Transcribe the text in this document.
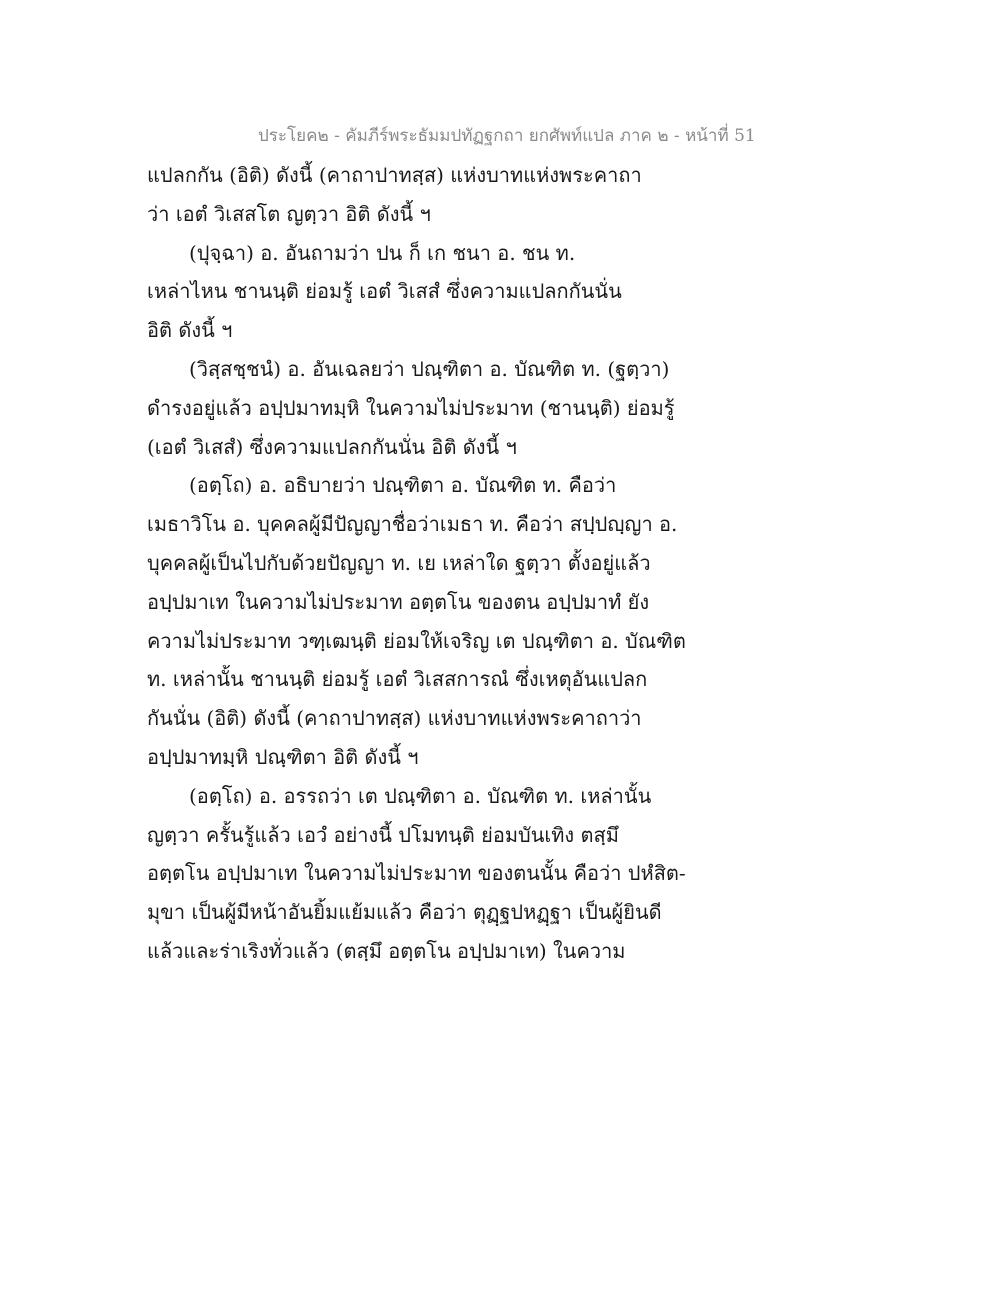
ประโยค๒ - คัมภีร์พระธัมมปทัฏฐกถา ยกศัพท์แปล ภาค ๒ - หน้าที่ 51
แปลกกัน (อิติ) ดังนี้ (คาถาปาทสฺส) แห่งบาทแห่งพระคาถา
ว่า เอตํ วิเสสโต ญตฺวา อิติ ดังนี้ ฯ
(ปุจฺฉา) อ. อันถามว่า ปน ก็ เก ชนา อ. ชน ท.
เหล่าไหน ชานนฺติ ย่อมรู้ เอตํ วิเสสํ ซึ่งความแปลกกันนั่น
อิติ ดังนี้ ฯ
(วิสฺสชฺชนํ) อ. อันเฉลยว่า ปณฺฑิตา อ. บัณฑิต ท. (ฐตฺวา)
ดำรงอยู่แล้ว อปฺปมาทมฺหิ ในความไม่ประมาท (ชานนฺติ) ย่อมรู้
(เอตํ วิเสสํ) ซึ่งความแปลกกันนั่น อิติ ดังนี้ ฯ
(อตฺโถ) อ. อธิบายว่า ปณฺฑิตา อ. บัณฑิต ท. คือว่า
เมธาวิโน อ. บุคคลผู้มีปัญญาชื่อว่าเมธา ท. คือว่า สปฺปญฺญา อ.
บุคคลผู้เป็นไปกับด้วยปัญญา ท. เย เหล่าใด ฐตฺวา ตั้งอยู่แล้ว
อปฺปมาเท ในความไม่ประมาท อตฺตโน ของตน อปฺปมาทํ ยัง
ความไม่ประมาท วฑฺเฒนฺติ ย่อมให้เจริญ เต ปณฺฑิตา อ. บัณฑิต
ท. เหล่านั้น ชานนฺติ ย่อมรู้ เอตํ วิเสสการณํ ซึ่งเหตุอันแปลก
กันนั่น (อิติ) ดังนี้ (คาถาปาทสฺส) แห่งบาทแห่งพระคาถาว่า
อปฺปมาทมฺหิ ปณฺฑิตา อิติ ดังนี้ ฯ
(อตฺโถ) อ. อรรถว่า เต ปณฺฑิตา อ. บัณฑิต ท. เหล่านั้น
ญตฺวา ครั้นรู้แล้ว เอวํ อย่างนี้ ปโมทนฺติ ย่อมบันเทิง ตสฺมึ
อตฺตโน อปฺปมาเท ในความไม่ประมาท ของตนนั้น คือว่า ปหํสิต-
มุขา เป็นผู้มีหน้าอันยิ้มแย้มแล้ว คือว่า ตุฏฺฐปหฏฺฐา เป็นผู้ยินดี
แล้วและร่าเริงทั่วแล้ว (ตสฺมึ อตฺตโน อปฺปมาเท) ในความ
